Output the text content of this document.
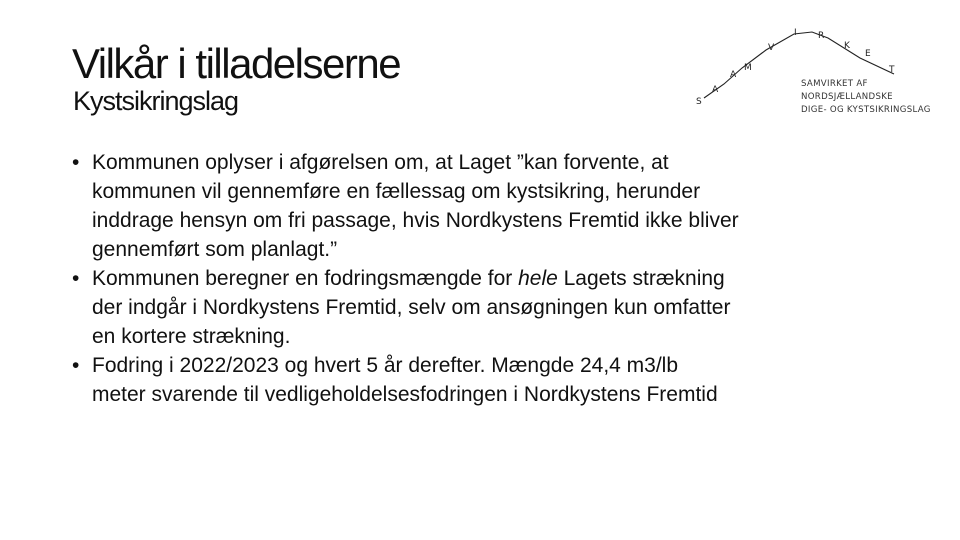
Vilkår i tilladelserne
Kystsikringslag	S
A
A
M
V
I R
K
E
T
SAMVIRKET AF
NORDSJÆLLANDSKE
DIGE- OG KYSTSIKRINGSLAG
• Kommunen oplyser i afgørelsen om, at Laget ”kan forvente, at
kommunen vil gennemføre en fællessag om kystsikring, herunder
inddrage hensyn om fri passage, hvis Nordkystens Fremtid ikke bliver
gennemført som planlagt.”
• Kommunen beregner en fodringsmængde for hele Lagets strækning
der indgår i Nordkystens Fremtid, selv om ansøgningen kun omfatter
en kortere strækning.
• Fodring i 2022/2023 og hvert 5 år derefter. Mængde 24,4 m3/lb
meter svarende til vedligeholdelsesfodringen i Nordkystens Fremtid
